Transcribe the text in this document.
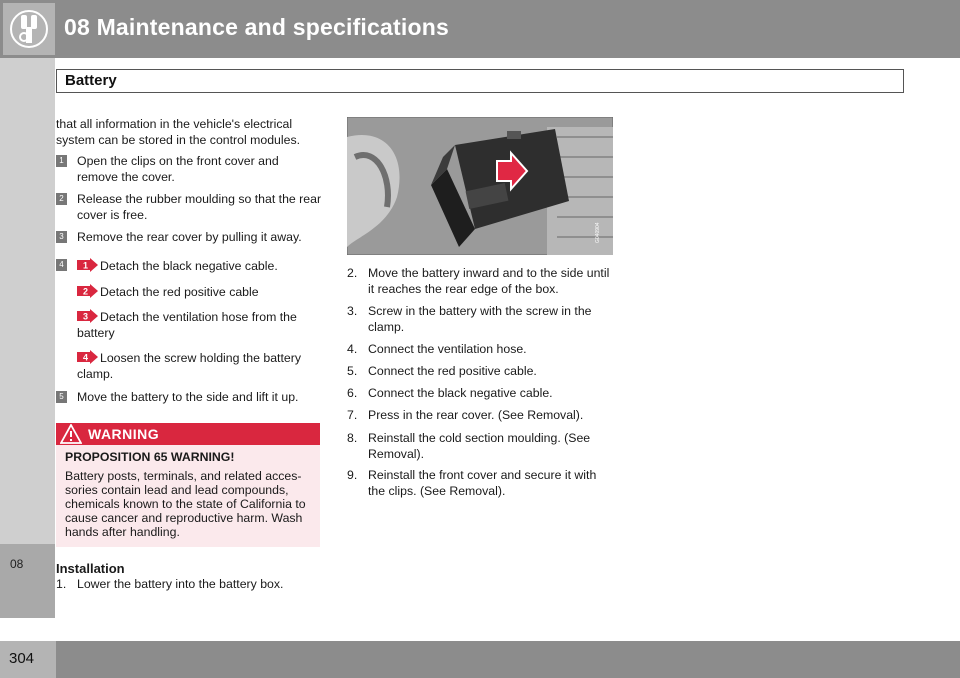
08 Maintenance and specifications
Battery
08

that all information in the vehicle's electrical system can be stored in the control modules.

1 Open the clips on the front cover and remove the cover.
2 Release the rubber moulding so that the rear cover is free.
3 Remove the rear cover by pulling it away.
4	1 Detach the black negative cable.
2 Detach the red positive cable
3 Detach the ventilation hose from the battery
4 Loosen the screw holding the battery clamp.
5 Move the battery to the side and lift it up.
WARNING
PROPOSITION 65 WARNING!
Battery posts, terminals, and related acces-sories contain lead and lead compounds, chemicals known to the state of California to cause cancer and reproductive harm. Wash hands after handling.
Installation
1. Lower the battery into the battery box.
G040904
2. Move the battery inward and to the side until it reaches the rear edge of the box.
3. Screw in the battery with the screw in the clamp.
4. Connect the ventilation hose.
5. Connect the red positive cable.
6. Connect the black negative cable.
7. Press in the rear cover. (See Removal).
8. Reinstall the cold section moulding. (See Removal).
9. Reinstall the front cover and secure it with the clips. (See Removal).
304
